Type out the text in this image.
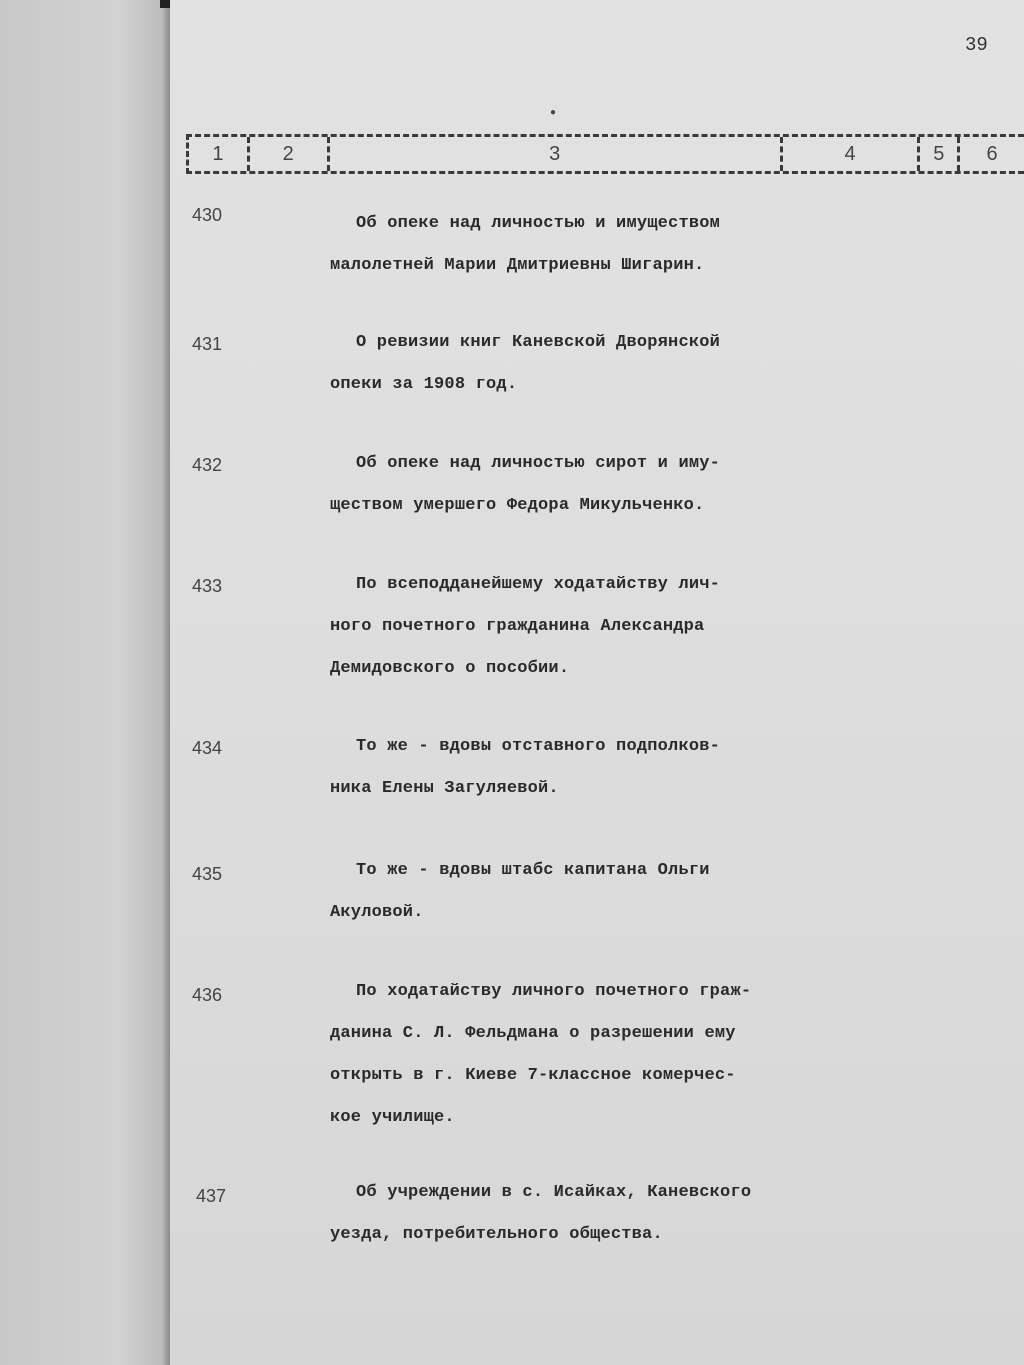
39
●
1	2	3	4	5	6
430	Об опеке над личностью и имуществом
малолетней Марии Дмитриевны Шигарин.
431	О ревизии книг Каневской Дворянской
опеки за 1908 год.
432	Об опеке над личностью сирот и иму-
ществом умершего Федора Микульченко.
433	По всеподданейшему ходатайству лич-
ного почетного гражданина Александра
Демидовского о пособии.
434	То же - вдовы отставного подполков-
ника Елены Загуляевой.
435	То же - вдовы штабс капитана Ольги
Акуловой.
436	По ходатайству личного почетного граж-
данина С. Л. Фельдмана о разрешении ему
открыть в г. Киеве 7-классное комерчес-
кое училище.
437	Об учреждении в с. Исайках, Каневского
уезда, потребительного общества.
